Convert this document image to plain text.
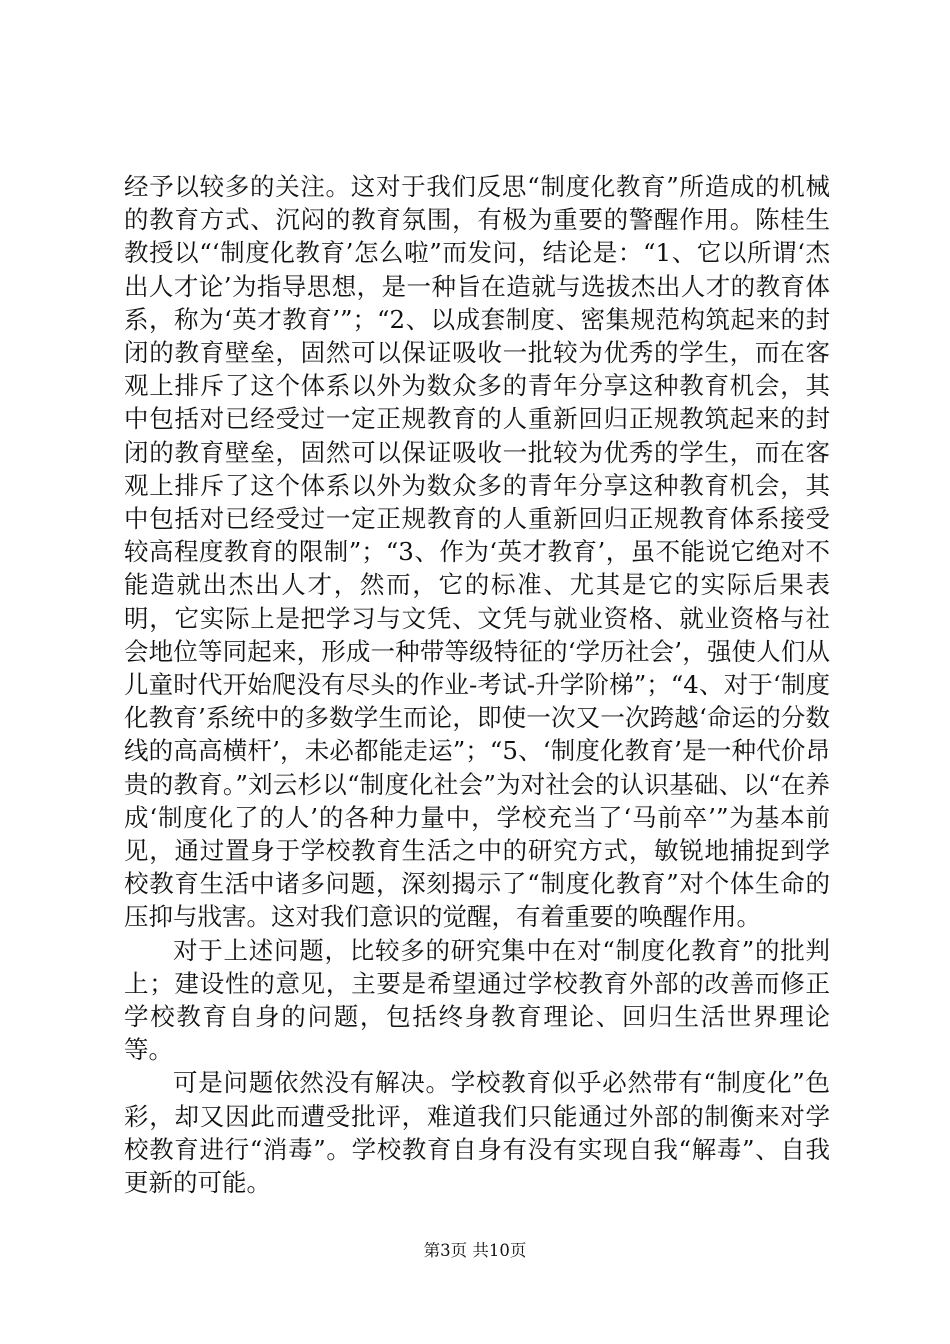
经予以较多的关注。这对于我们反思“制度化教育”所造成的机械的教育方式、沉闷的教育氛围，有极为重要的警醒作用。陈桂生教授以“‘制度化教育’怎么啦”而发问，结论是：“1、它以所谓‘杰出人才论’为指导思想，是一种旨在造就与选拔杰出人才的教育体系，称为‘英才教育’”；“2、以成套制度、密集规范构筑起来的封闭的教育壁垒，固然可以保证吸收一批较为优秀的学生，而在客观上排斥了这个体系以外为数众多的青年分享这种教育机会，其中包括对已经受过一定正规教育的人重新回归正规教筑起来的封闭的教育壁垒，固然可以保证吸收一批较为优秀的学生，而在客观上排斥了这个体系以外为数众多的青年分享这种教育机会，其中包括对已经受过一定正规教育的人重新回归正规教育体系接受较高程度教育的限制”；“3、作为‘英才教育’，虽不能说它绝对不能造就出杰出人才，然而，它的标准、尤其是它的实际后果表明，它实际上是把学习与文凭、文凭与就业资格、就业资格与社会地位等同起来，形成一种带等级特征的‘学历社会’，强使人们从儿童时代开始爬没有尽头的作业-考试-升学阶梯”；“4、对于‘制度化教育’系统中的多数学生而论，即使一次又一次跨越‘命运的分数线的高高横杆’，未必都能走运”；“5、‘制度化教育’是一种代价昂贵的教育。”刘云杉以“制度化社会”为对社会的认识基础、以“在养成‘制度化了的人’的各种力量中，学校充当了‘马前卒’”为基本前见，通过置身于学校教育生活之中的研究方式，敏锐地捕捉到学校教育生活中诸多问题，深刻揭示了“制度化教育”对个体生命的压抑与戕害。这对我们意识的觉醒，有着重要的唤醒作用。

对于上述问题，比较多的研究集中在对“制度化教育”的批判上；建设性的意见，主要是希望通过学校教育外部的改善而修正学校教育自身的问题，包括终身教育理论、回归生活世界理论等。

可是问题依然没有解决。学校教育似乎必然带有“制度化”色彩，却又因此而遭受批评，难道我们只能通过外部的制衡来对学校教育进行“消毒”。学校教育自身有没有实现自我“解毒”、自我更新的可能。

第3页 共10页
